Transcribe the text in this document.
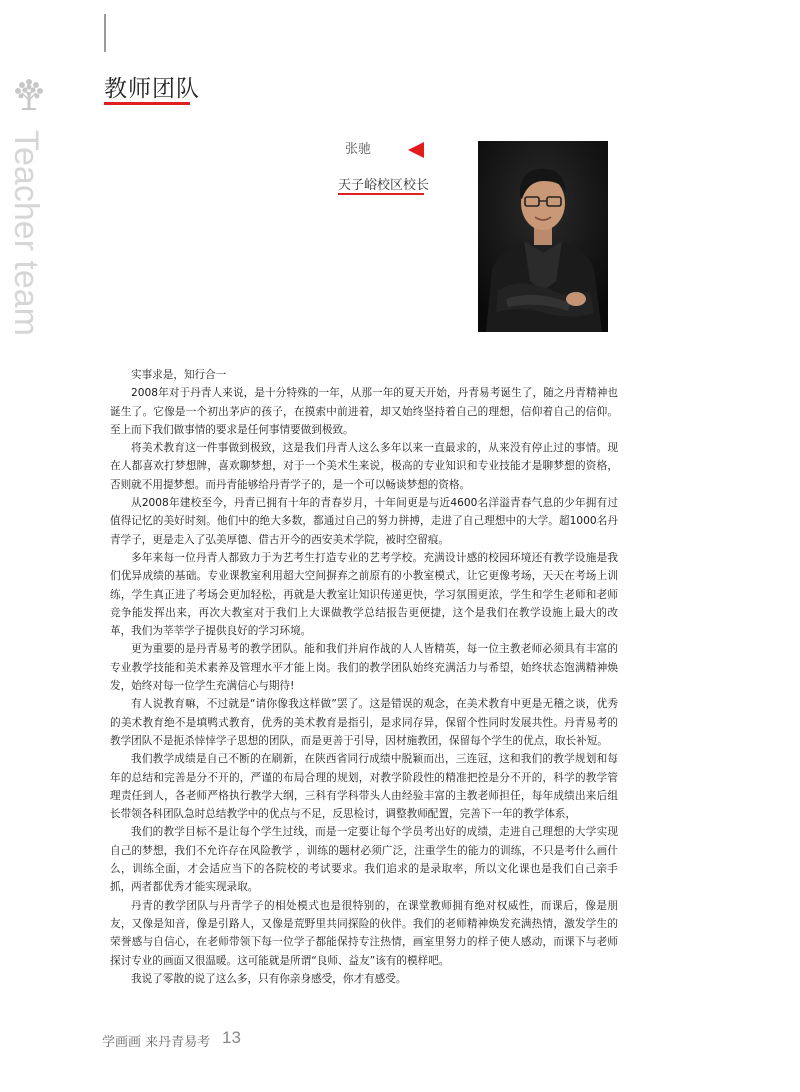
Teacher team
教师团队
张驰
天子峪校区校长

实事求是，知行合一

2008年对于丹青人来说，是十分特殊的一年，从那一年的夏天开始，丹青易考诞生了，随之丹青精神也诞生了。它像是一个初出茅庐的孩子，在摸索中前进着，却又始终坚持着自己的理想，信仰着自己的信仰。至上而下我们做事情的要求是任何事情要做到极致。

将美术教育这一件事做到极致，这是我们丹青人这么多年以来一直最求的，从来没有停止过的事情。现在人都喜欢打梦想牌，喜欢聊梦想，对于一个美术生来说，极高的专业知识和专业技能才是聊梦想的资格，否则就不用提梦想。而丹青能够给丹青学子的，是一个可以畅谈梦想的资格。

从2008年建校至今，丹青已拥有十年的青春岁月，十年间更是与近4600名洋溢青春气息的少年拥有过值得记忆的美好时刻。他们中的绝大多数，都通过自己的努力拼搏，走进了自己理想中的大学。超1000名丹青学子，更是走入了弘美厚德、借古开今的西安美术学院，被时空留痕。

多年来每一位丹青人都致力于为艺考生打造专业的艺考学校。充满设计感的校园环境还有教学设施是我们优异成绩的基础。专业课教室利用超大空间摒弃之前原有的小教室模式，让它更像考场，天天在考场上训练，学生真正进了考场会更加轻松，再就是大教室让知识传递更快，学习氛围更浓，学生和学生老师和老师竞争能发挥出来，再次大教室对于我们上大课做教学总结报告更便捷，这个是我们在教学设施上最大的改革，我们为莘莘学子提供良好的学习环境。

更为重要的是丹青易考的教学团队。能和我们并肩作战的人人皆精英，每一位主教老师必须具有丰富的专业教学技能和美术素养及管理水平才能上岗。我们的教学团队始终充满活力与希望，始终状态饱满精神焕发，始终对每一位学生充满信心与期待!

有人说教育嘛，不过就是“请你像我这样做”罢了。这是错误的观念，在美术教育中更是无稽之谈，优秀的美术教育绝不是填鸭式教育，优秀的美术教育是指引，是求同存异，保留个性同时发展共性。丹青易考的教学团队不是扼杀悻悻学子思想的团队，而是更善于引导，因材施教团，保留每个学生的优点，取长补短。

我们教学成绩是自己不断的在刷新，在陕西省同行成绩中脱颖而出，三连冠，这和我们的教学规划和每年的总结和完善是分不开的，严谨的布局合理的规划，对教学阶段性的精准把控是分不开的，科学的教学管理责任到人，各老师严格执行教学大纲，三科有学科带头人由经验丰富的主教老师担任，每年成绩出来后组长带领各科团队急时总结教学中的优点与不足，反思检讨，调整教师配置，完善下一年的教学体系，

我们的教学目标不是让每个学生过线，而是一定要让每个学员考出好的成绩，走进自己理想的大学实现自己的梦想，我们不允许存在风险教学 ，训练的题材必须广泛，注重学生的能力的训练，不只是考什么画什么，训练全面，才会适应当下的各院校的考试要求。我们追求的是录取率，所以文化课也是我们自己亲手抓，两者都优秀才能实现录取。

丹青的教学团队与丹青学子的相处模式也是很特别的，在课堂教师拥有绝对权威性，而课后，像是朋友，又像是知音，像是引路人，又像是荒野里共同探险的伙伴。我们的老师精神焕发充满热情，激发学生的荣誉感与自信心，在老师带领下每一位学子都能保持专注热情，画室里努力的样子使人感动，而课下与老师探讨专业的画面又很温暖。这可能就是所谓“良师、益友”该有的模样吧。

我说了零散的说了这么多，只有你亲身感受，你才有感受。

学画画 来丹青易考 13
